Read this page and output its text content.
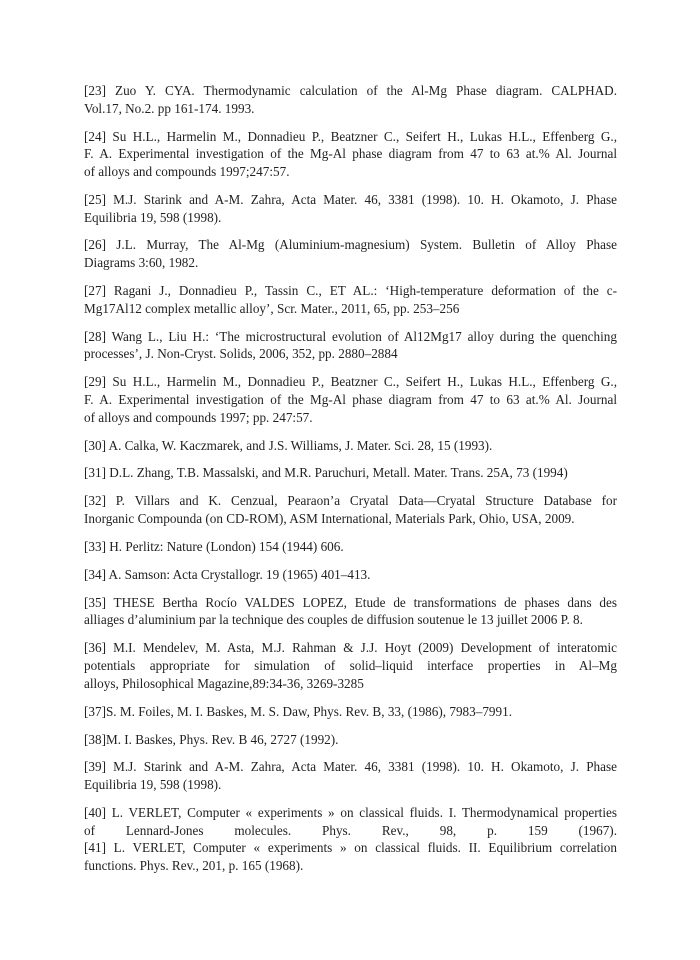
[23] Zuo Y. CYA. Thermodynamic calculation of the Al-Mg Phase diagram. CALPHAD.
Vol.17, No.2. pp 161-174. 1993.
[24] Su H.L., Harmelin M., Donnadieu P., Beatzner C., Seifert H., Lukas H.L., Effenberg G.,
F. A. Experimental investigation of the Mg-Al phase diagram from 47 to 63 at.% Al. Journal
of alloys and compounds 1997;247:57.
[25] M.J. Starink and A-M. Zahra, Acta Mater. 46, 3381 (1998). 10. H. Okamoto, J. Phase
Equilibria 19, 598 (1998).
[26] J.L. Murray, The Al-Mg (Aluminium-magnesium) System. Bulletin of Alloy Phase
Diagrams 3:60, 1982.
[27] Ragani J., Donnadieu P., Tassin C., ET AL.: ‘High-temperature deformation of the c-
Mg17Al12 complex metallic alloy’, Scr. Mater., 2011, 65, pp. 253–256
[28] Wang L., Liu H.: ‘The microstructural evolution of Al12Mg17 alloy during the quenching
processes’, J. Non-Cryst. Solids, 2006, 352, pp. 2880–2884
[29] Su H.L., Harmelin M., Donnadieu P., Beatzner C., Seifert H., Lukas H.L., Effenberg G.,
F. A. Experimental investigation of the Mg-Al phase diagram from 47 to 63 at.% Al. Journal
of alloys and compounds 1997; pp. 247:57.
[30] A. Calka, W. Kaczmarek, and J.S. Williams, J. Mater. Sci. 28, 15 (1993).
[31] D.L. Zhang, T.B. Massalski, and M.R. Paruchuri, Metall. Mater. Trans. 25A, 73 (1994)
[32] P. Villars and K. Cenzual, Pearaon’a Cryatal Data—Cryatal Structure Database for
Inorganic Compounda (on CD-ROM), ASM International, Materials Park, Ohio, USA, 2009.
[33] H. Perlitz: Nature (London) 154 (1944) 606.
[34] A. Samson: Acta Crystallogr. 19 (1965) 401–413.
[35] THESE Bertha Rocío VALDES LOPEZ, Etude de transformations de phases dans des
alliages d’aluminium par la technique des couples de diffusion soutenue le 13 juillet 2006 P. 8.
[36] M.I. Mendelev, M. Asta, M.J. Rahman & J.J. Hoyt (2009) Development of interatomic
potentials appropriate for simulation of solid–liquid interface properties in Al–Mg
alloys, Philosophical Magazine,89:34-36, 3269-3285
[37]S. M. Foiles, M. I. Baskes, M. S. Daw, Phys. Rev. B, 33, (1986), 7983–7991.
[38]M. I. Baskes, Phys. Rev. B 46, 2727 (1992).
[39] M.J. Starink and A-M. Zahra, Acta Mater. 46, 3381 (1998). 10. H. Okamoto, J. Phase
Equilibria 19, 598 (1998).
[40] L. VERLET, Computer « experiments » on classical fluids. I. Thermodynamical properties
of Lennard-Jones molecules. Phys. Rev., 98, p. 159 (1967).
[41] L. VERLET, Computer « experiments » on classical fluids. II. Equilibrium correlation
functions. Phys. Rev., 201, p. 165 (1968).
